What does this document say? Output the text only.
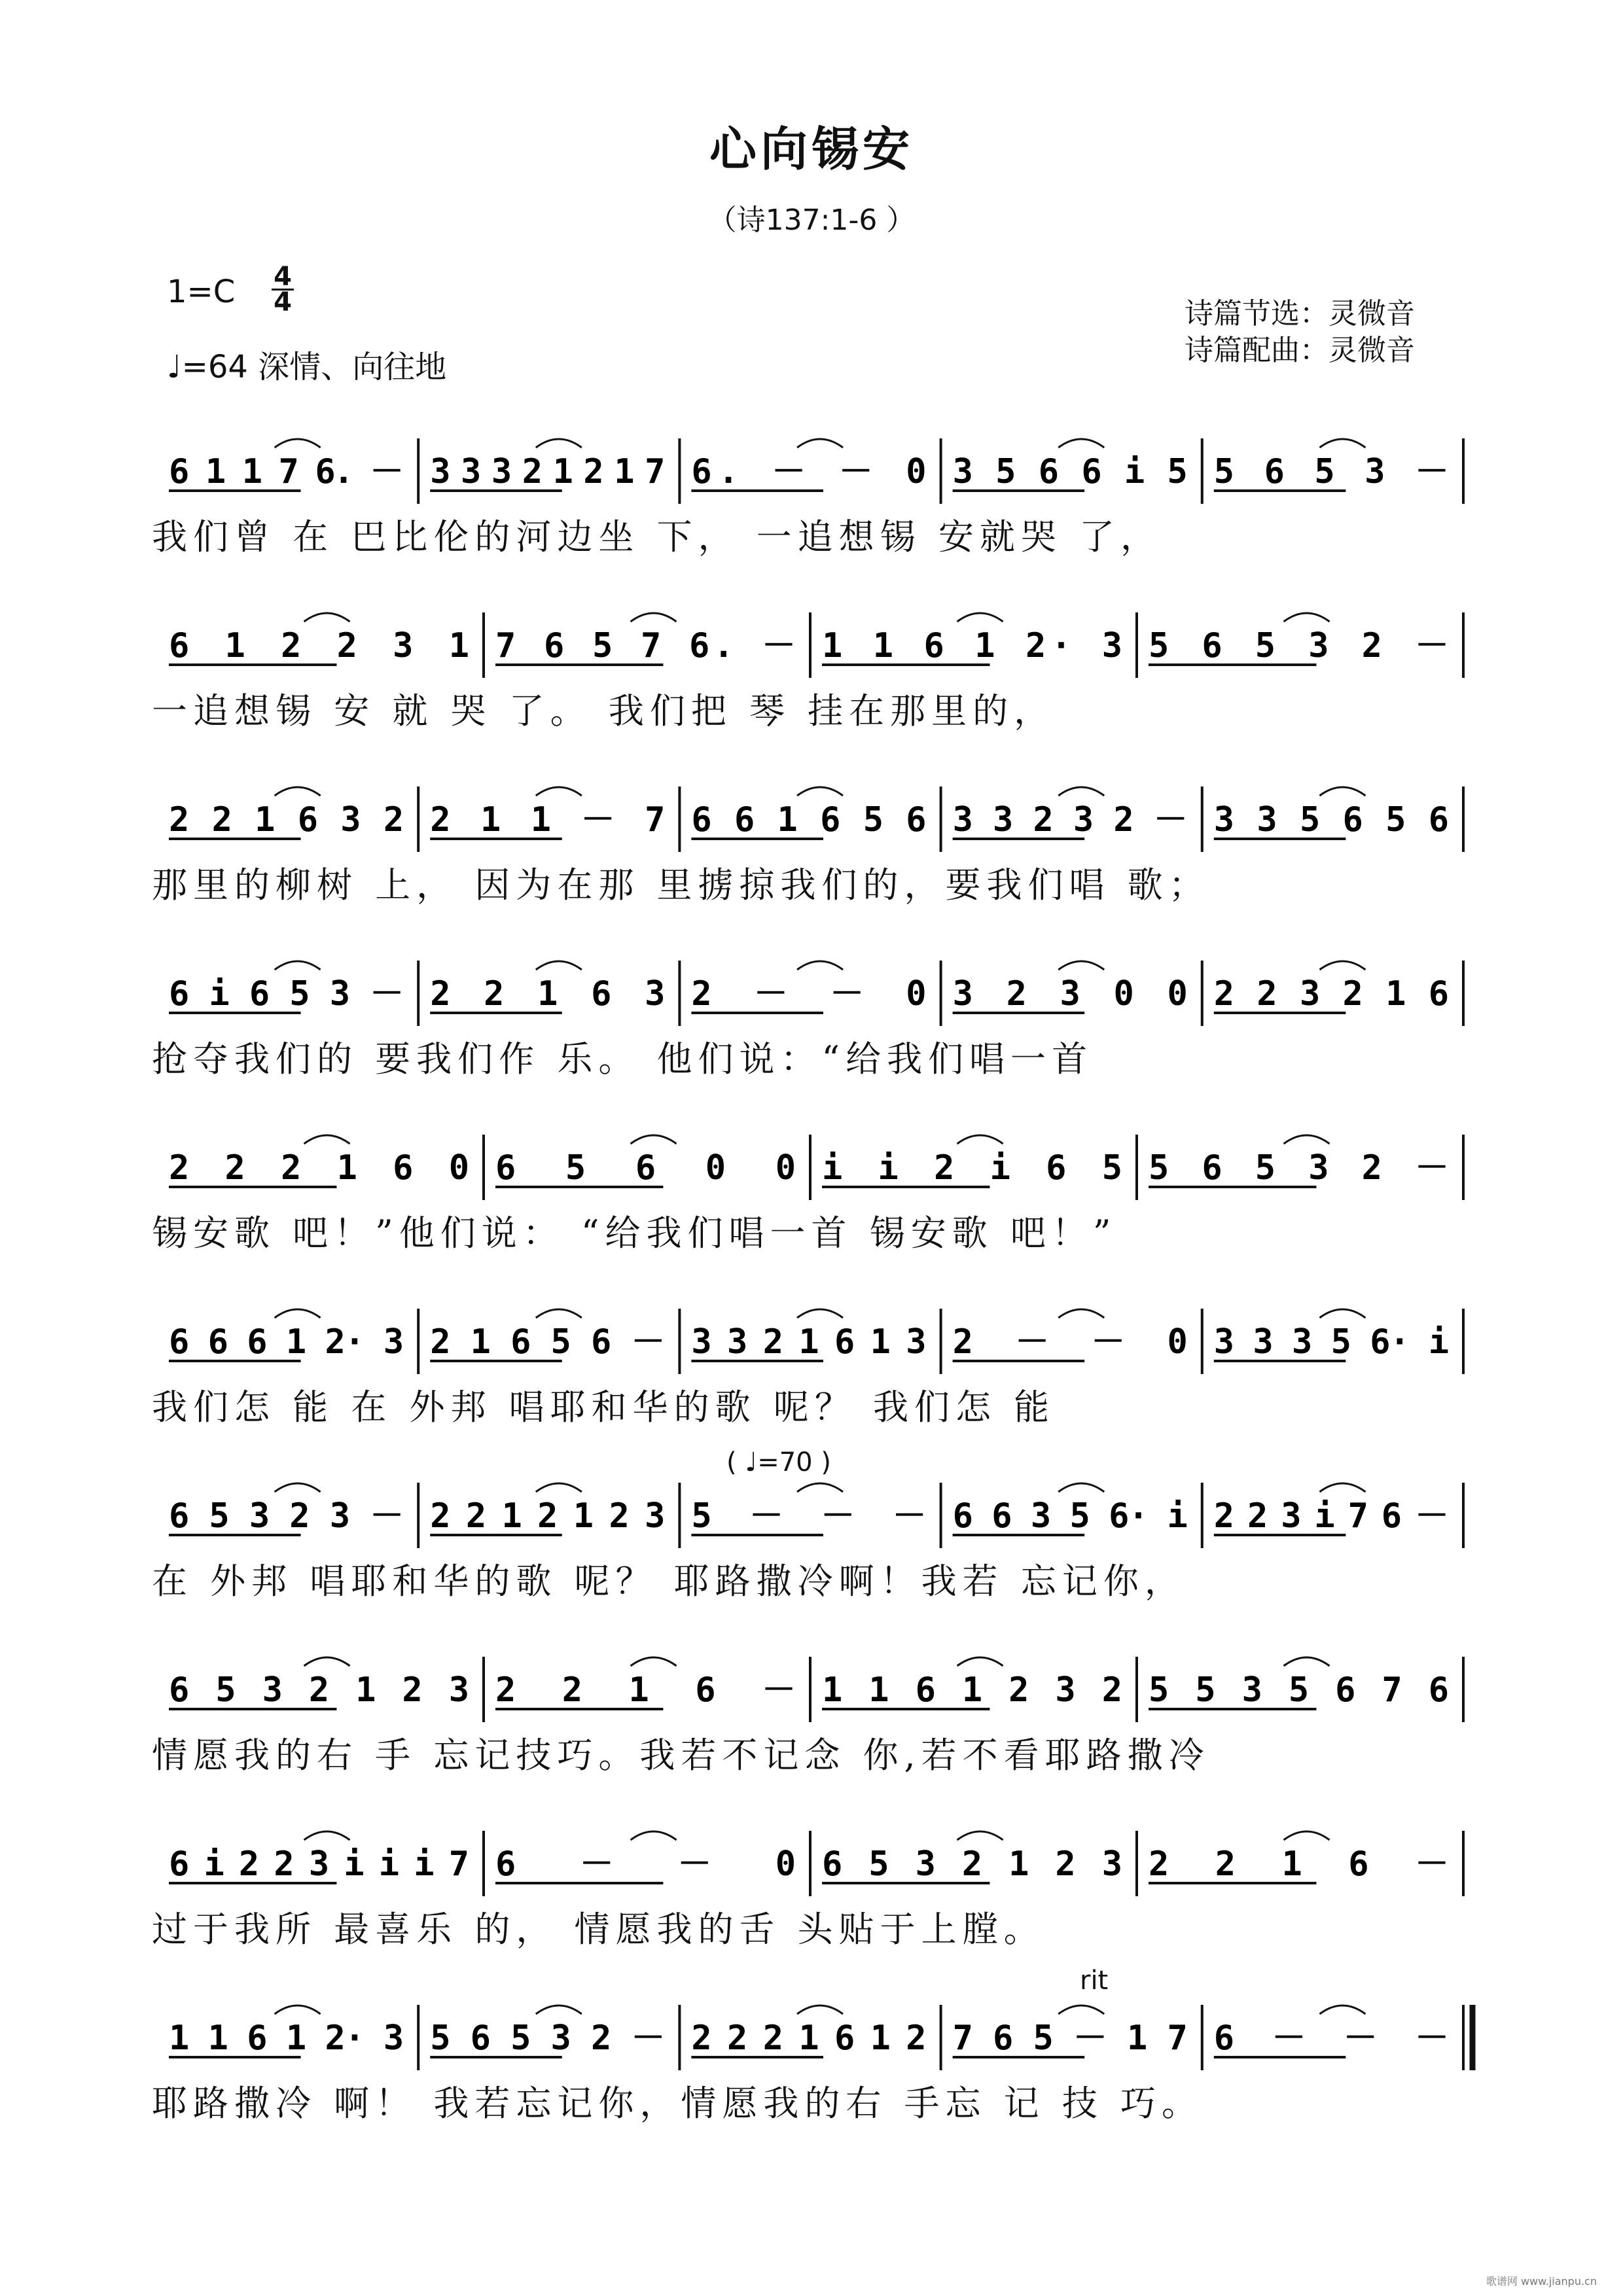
心向锡安
（诗137:1-6 ）
1=C 4
4
♩=64 深情、向往地
诗篇节选：灵微音
诗篇配曲：灵微音
( ♩=70 )
rit
6 1 1 7 6. － 3 3 3 2 1 2 1 7 6. － － 0 3 5 6 6 i 5 5 6 5 3 －
我们曾 在 巴比伦的河边坐 下， 一追想锡 安就哭 了，
6 1 2 2 3 1 7 6 5 7 6. － 1 1 6 1 2· 3 5 6 5 3 2 －
一追想锡 安 就 哭 了。 我们把 琴 挂在那里的，
2 2 1 6 3 2 2 1 1 － 7 6 6 1 6 5 6 3 3 2 3 2 － 3 3 5 6 5 6
那里的柳树 上， 因为在那 里掳掠我们的，要我们唱 歌；
6 i 6 5 3 － 2 2 1 6 3 2 － － 0 3 2 3 0 0 2 2 3 2 1 6
抢夺我们的 要我们作 乐。 他们说：“给我们唱一首
2 2 2 1 6 0 6 5 6 0 0 i i 2 i 6 5 5 6 5 3 2 －
锡安歌 吧！”他们说： “给我们唱一首 锡安歌 吧！”
6 6 6 1 2· 3 2 1 6 5 6 － 3 3 2 1 6 1 3 2 － － 0 3 3 3 5 6· i
我们怎 能 在 外邦 唱耶和华的歌 呢？ 我们怎 能
6 5 3 2 3 － 2 2 1 2 1 2 3 5 － － － 6 6 3 5 6· i 2 2 3 i 7 6 －
在 外邦 唱耶和华的歌 呢？ 耶路撒冷啊！我若 忘记你，
6 5 3 2 1 2 3 2 2 1 6 － 1 1 6 1 2 3 2 5 5 3 5 6 7 6
情愿我的右 手 忘记技巧。我若不记念 你,若不看耶路撒冷
6 i 2 2 3 i i i 7 6 － － 0 6 5 3 2 1 2 3 2 2 1 6 －
过于我所 最喜乐 的， 情愿我的舌 头贴于上膛。
1 1 6 1 2· 3 5 6 5 3 2 － 2 2 2 1 6 1 2 7 6 5 － 1 7 6 － － －
耶路撒冷 啊！ 我若忘记你，情愿我的右 手忘 记 技 巧。
歌谱网 www.jianpu.cn
